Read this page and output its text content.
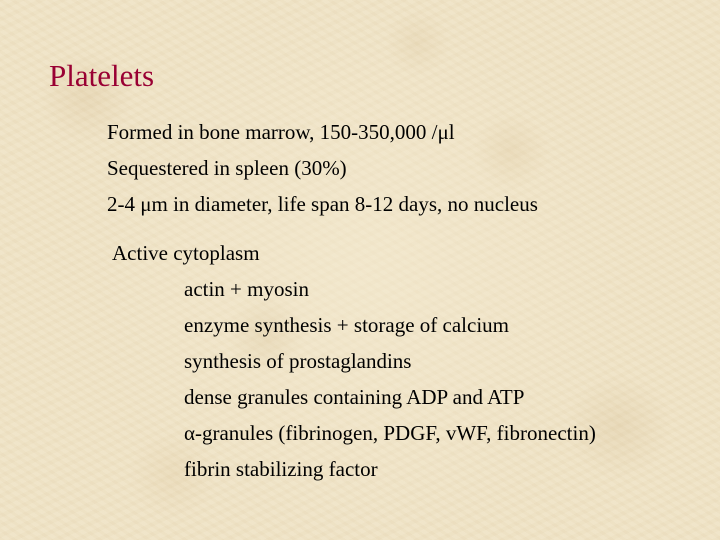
Platelets

Formed in bone marrow, 150-350,000 /μl

Sequestered in spleen (30%)

2-4 μm in diameter, life span 8-12 days, no nucleus

Active cytoplasm

actin + myosin

enzyme synthesis + storage of calcium

synthesis of prostaglandins

dense granules containing ADP and ATP

α-granules (fibrinogen, PDGF, vWF, fibronectin)

fibrin stabilizing factor
